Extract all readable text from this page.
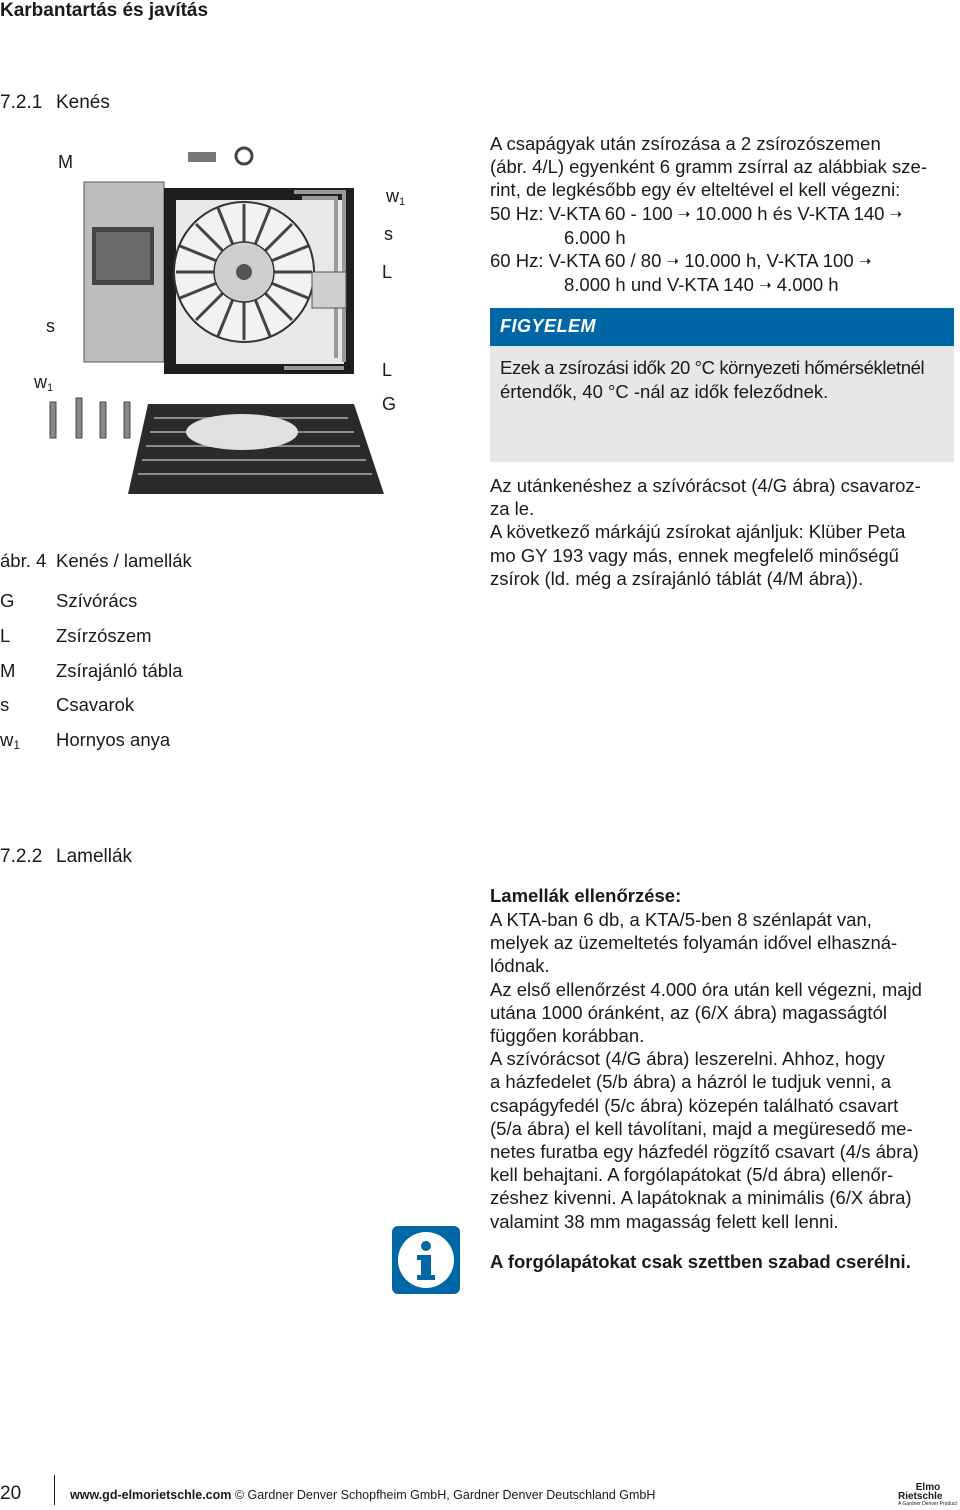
Karbantartás és javítás
7.2.1 Kenés
M
$w_1$
s
L
s
$w_1$
L
G
A csapágyak után zsírozása a 2 zsírozószemen
(ábr. 4/L) egyenként 6 gramm zsírral az alábbiak sze-
rint, de legkésőbb egy év elteltével el kell végezni:
50 Hz: V-KTA 60 - 100 ➝ 10.000 h és V-KTA 140 ➝
6.000 h
60 Hz: V-KTA 60 / 80 ➝ 10.000 h, V-KTA 100 ➝
8.000 h und V-KTA 140 ➝ 4.000 h
FIGYELEM
Ezek a zsírozási idők 20 °C környezeti hőmérsékletnél
értendők, 40 °C -nál az idők feleződnek.
Az utánkenéshez a szívórácsot (4/G ábra) csavaroz-
za le.
A következő márkájú zsírokat ajánljuk: Klüber Peta
mo GY 193 vagy más, ennek megfelelő minőségű
zsírok (ld. még a zsírajánló táblát (4/M ábra)).
ábr. 4 Kenés / lamellák
G Szívórács
L Zsírzószem
M Zsírajánló tábla
s	Csavarok
$w_1$ Hornyos anya
7.2.2 Lamellák
Lamellák ellenőrzése:
A KTA-ban 6 db, a KTA/5-ben 8 szénlapát van,
melyek az üzemeltetés folyamán idővel elhaszná-
lódnak.
Az első ellenőrzést 4.000 óra után kell végezni, majd
utána 1000 óránként, az (6/X ábra) magasságtól
függően korábban.
A szívórácsot (4/G ábra) leszerelni. Ahhoz, hogy
a házfedelet (5/b ábra) a házról le tudjuk venni, a
csapágyfedél (5/c ábra) közepén található csavart
(5/a ábra) el kell távolítani, majd a megüresedő me-
netes furatba egy házfedél rögzítő csavart (4/s ábra)
kell behajtani. A forgólapátokat (5/d ábra) ellenőr-
zéshez kivenni. A lapátoknak a minimális (6/X ábra)
valamint 38 mm magasság felett kell lenni.
A forgólapátokat csak szettben szabad cserélni.
20	www.gd-elmorietschle.com © Gardner Denver Schopfheim GmbH, Gardner Denver Deutschland GmbH
Elmo
Rietschle
A Gardner Denver Product
